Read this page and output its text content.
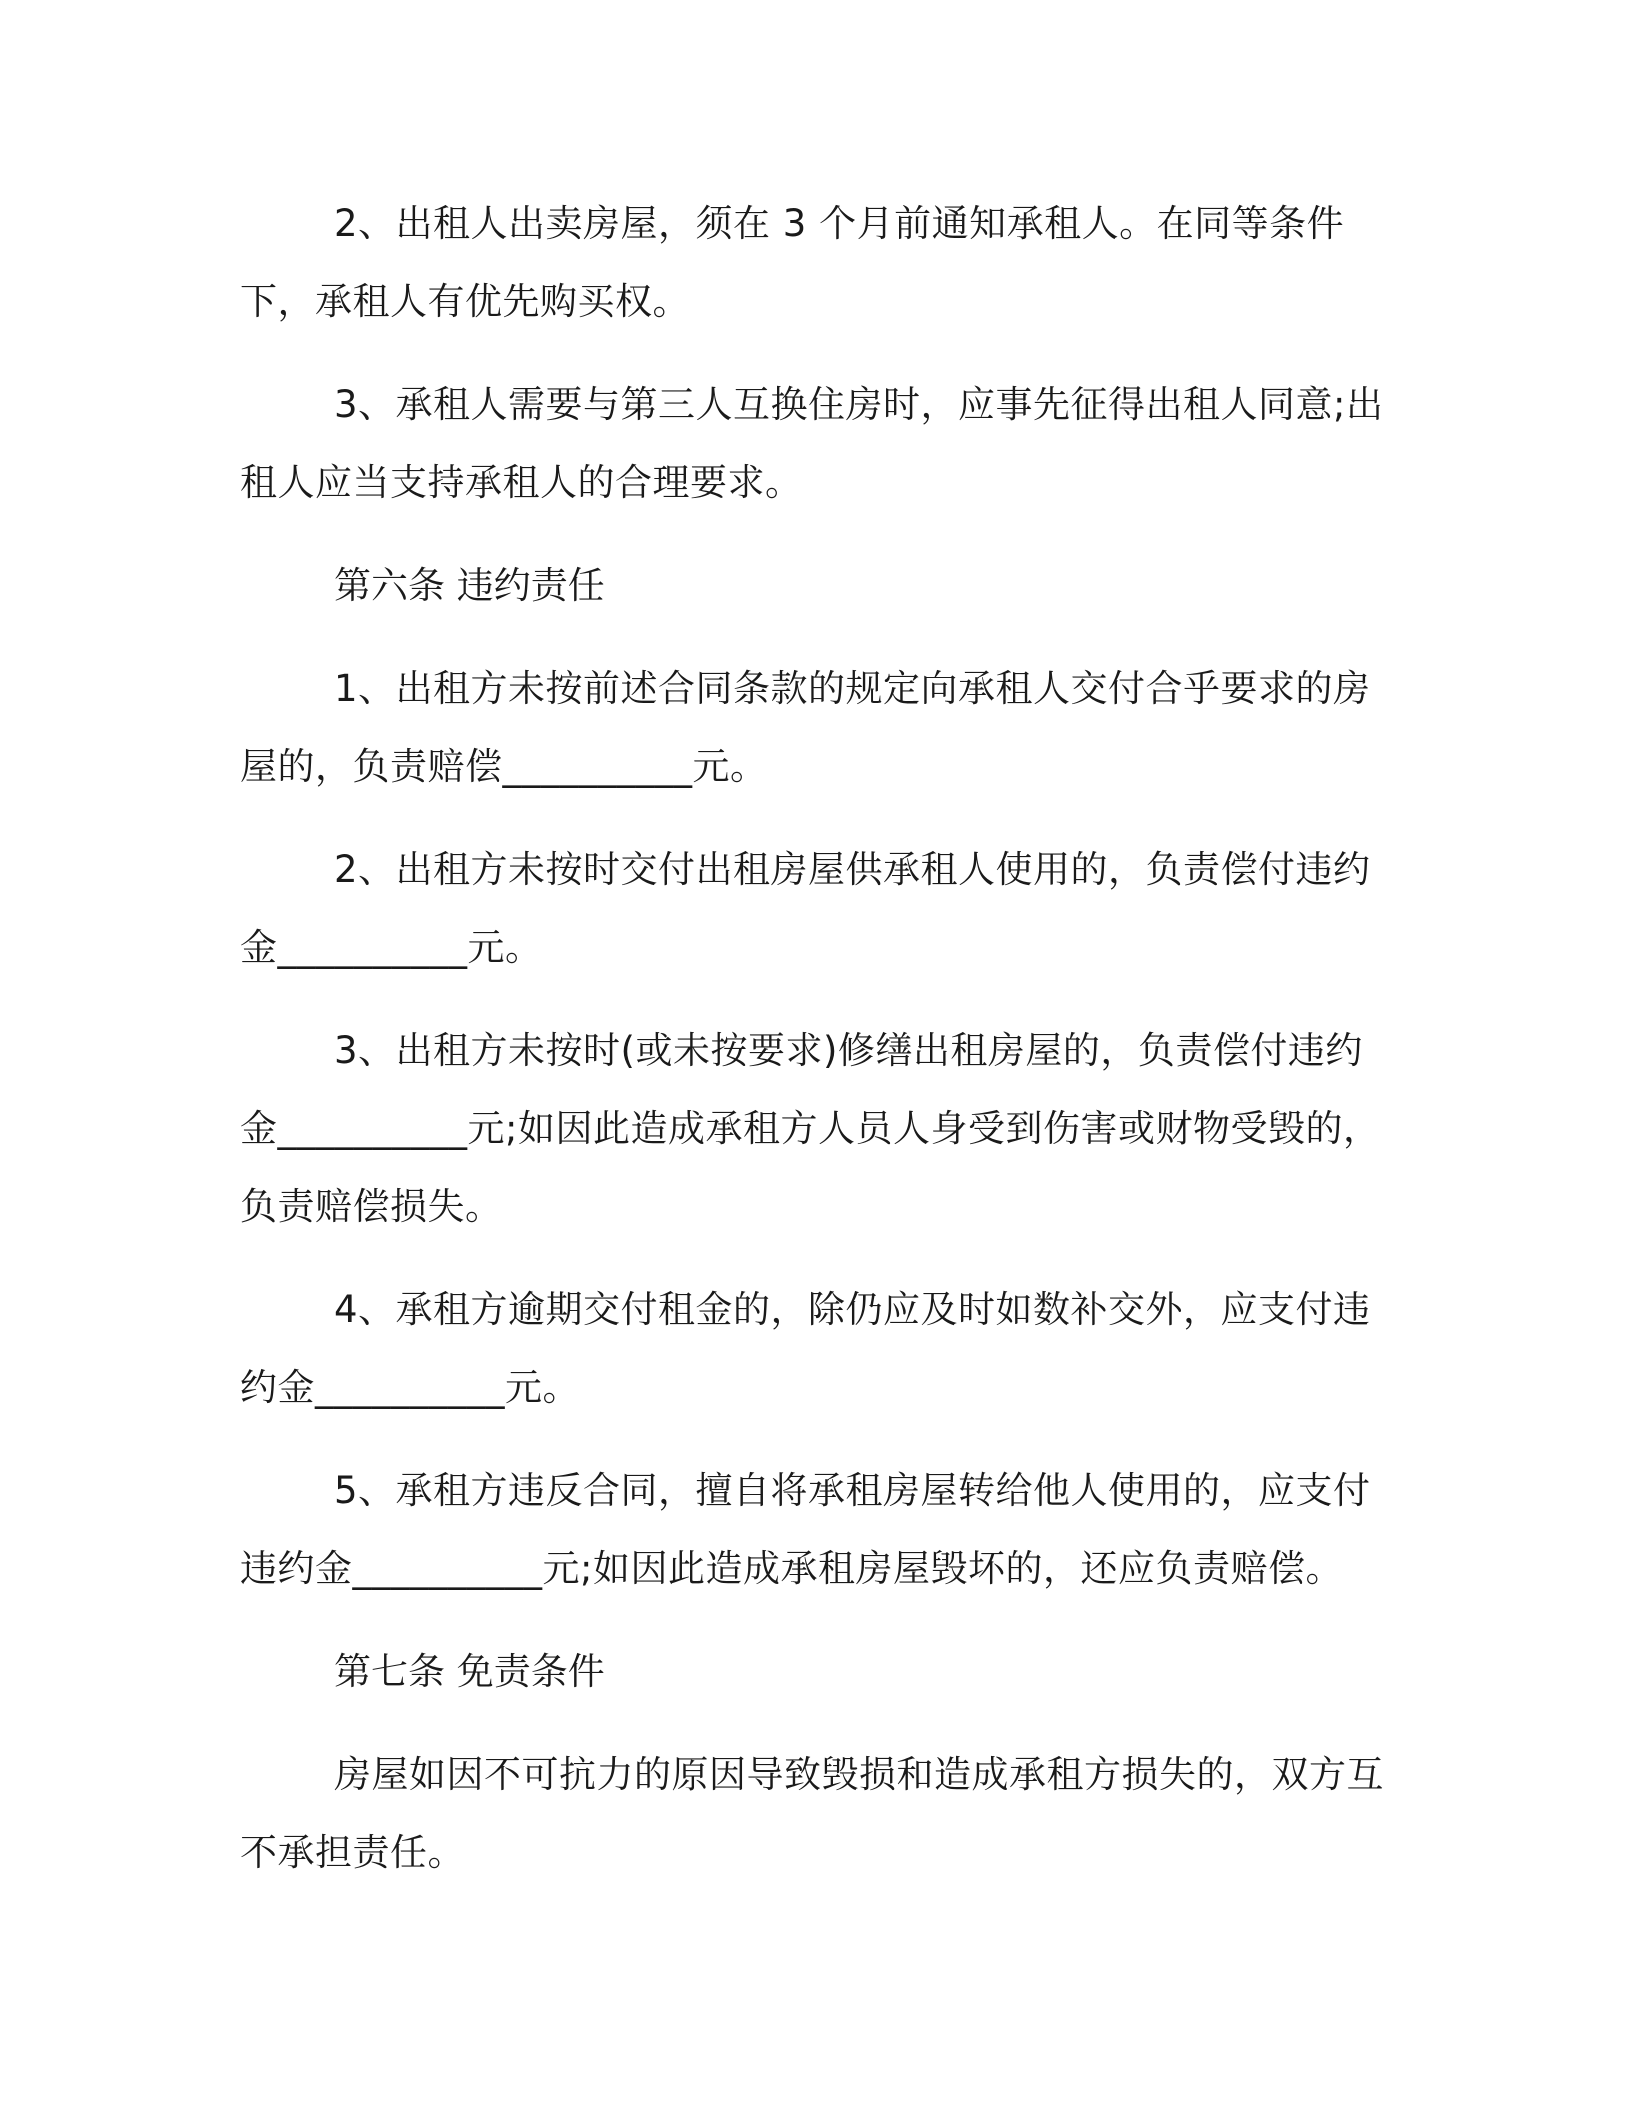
2、出租人出卖房屋，须在 3 个月前通知承租人。在同等条件下，承租人有优先购买权。

3、承租人需要与第三人互换住房时，应事先征得出租人同意;出租人应当支持承租人的合理要求。

第六条 违约责任

1、出租方未按前述合同条款的规定向承租人交付合乎要求的房屋的，负责赔偿__________元。

2、出租方未按时交付出租房屋供承租人使用的，负责偿付违约金__________元。

3、出租方未按时(或未按要求)修缮出租房屋的，负责偿付违约金__________元;如因此造成承租方人员人身受到伤害或财物受毁的，负责赔偿损失。

4、承租方逾期交付租金的，除仍应及时如数补交外，应支付违约金__________元。

5、承租方违反合同，擅自将承租房屋转给他人使用的，应支付违约金__________元;如因此造成承租房屋毁坏的，还应负责赔偿。

第七条 免责条件

房屋如因不可抗力的原因导致毁损和造成承租方损失的，双方互不承担责任。
